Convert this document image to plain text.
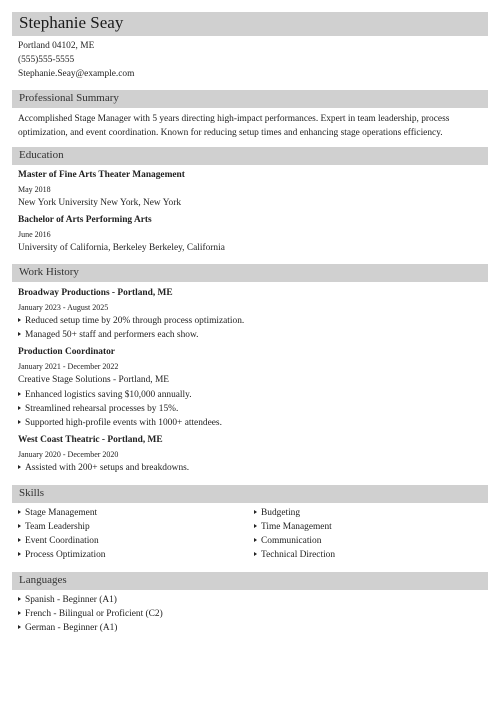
Stephanie Seay
Portland 04102, ME
(555)555-5555
Stephanie.Seay@example.com
Professional Summary
Accomplished Stage Manager with 5 years directing high-impact performances. Expert in team leadership, process optimization, and event coordination. Known for reducing setup times and enhancing stage operations efficiency.
Education
Master of Fine Arts Theater Management
May 2018
New York University New York, New York
Bachelor of Arts Performing Arts
June 2016
University of California, Berkeley Berkeley, California
Work History
Broadway Productions - Portland, ME
January 2023 - August 2025
Reduced setup time by 20% through process optimization.
Managed 50+ staff and performers each show.
Production Coordinator
January 2021 - December 2022
Creative Stage Solutions - Portland, ME
Enhanced logistics saving $10,000 annually.
Streamlined rehearsal processes by 15%.
Supported high-profile events with 1000+ attendees.
West Coast Theatric - Portland, ME
January 2020 - December 2020
Assisted with 200+ setups and breakdowns.
Skills
Stage Management
Team Leadership
Event Coordination
Process Optimization
Budgeting
Time Management
Communication
Technical Direction
Languages
Spanish - Beginner (A1)
French - Bilingual or Proficient (C2)
German - Beginner (A1)
